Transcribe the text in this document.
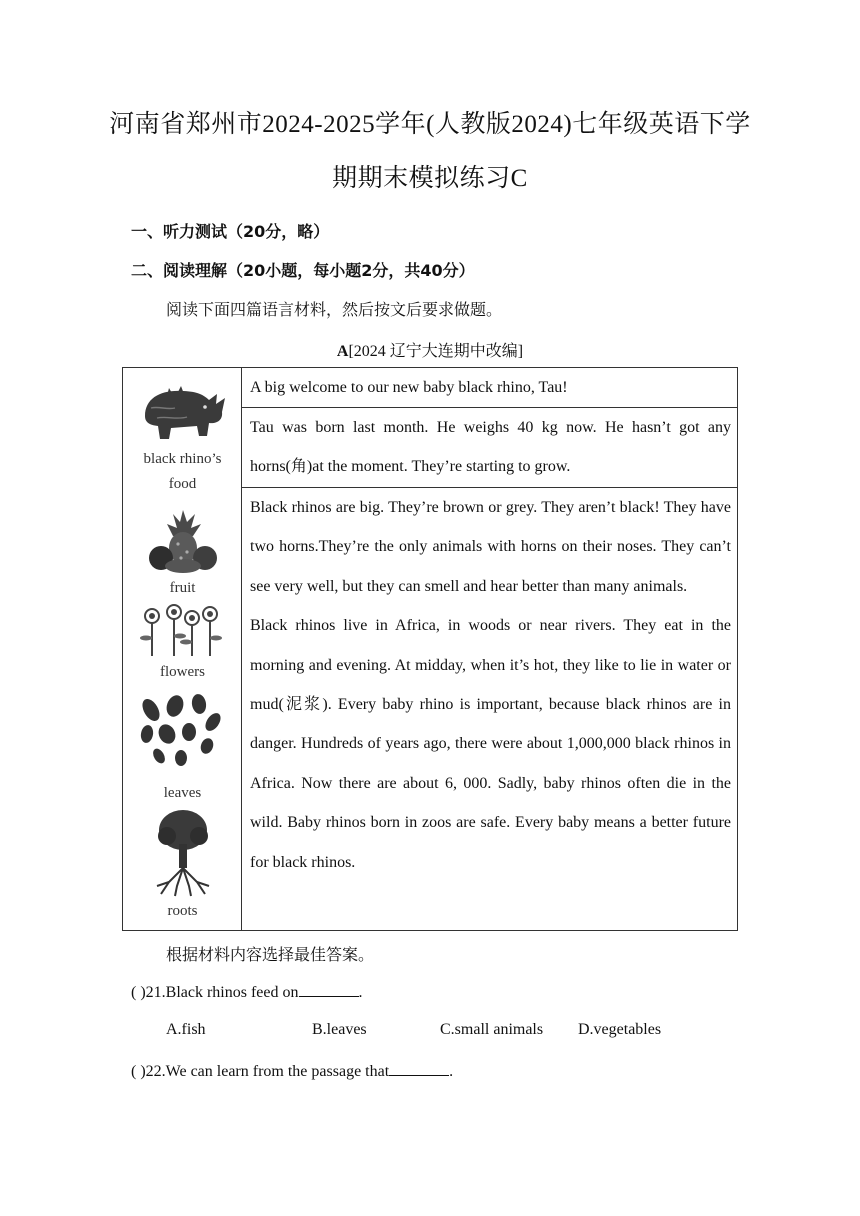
河南省郑州市2024-2025学年(人教版2024)七年级英语下学
期期末模拟练习C
一、听力测试（20分，略）
二、阅读理解（20小题，每小题2分，共40分）
阅读下面四篇语言材料，然后按文后要求做题。
A[2024 辽宁大连期中改编]
black rhino’s
food
fruit
flowers
leaves
roots
A big welcome to our new baby black rhino, Tau!

Tau was born last month. He weighs 40 kg now. He hasn’t got any horns(角)at the moment. They’re starting to grow.

Black rhinos are big. They’re brown or grey. They aren’t black! They have two horns.They’re the only animals with horns on their noses. They can’t see very well, but they can smell and hear better than many animals.

Black rhinos live in Africa, in woods or near rivers. They eat in the morning and evening. At midday, when it’s hot, they like to lie in water or mud(泥浆). Every baby rhino is important, because black rhinos are in danger. Hundreds of years ago, there were about 1,000,000 black rhinos in Africa. Now there are about 6, 000. Sadly, baby rhinos often die in the wild. Baby rhinos born in zoos are safe. Every baby means a better future for black rhinos.

根据材料内容选择最佳答案。
( )21.Black rhinos feed on	.
A.fish	B.leaves	C.small animals D.vegetables
( )22.We can learn from the passage that	.
